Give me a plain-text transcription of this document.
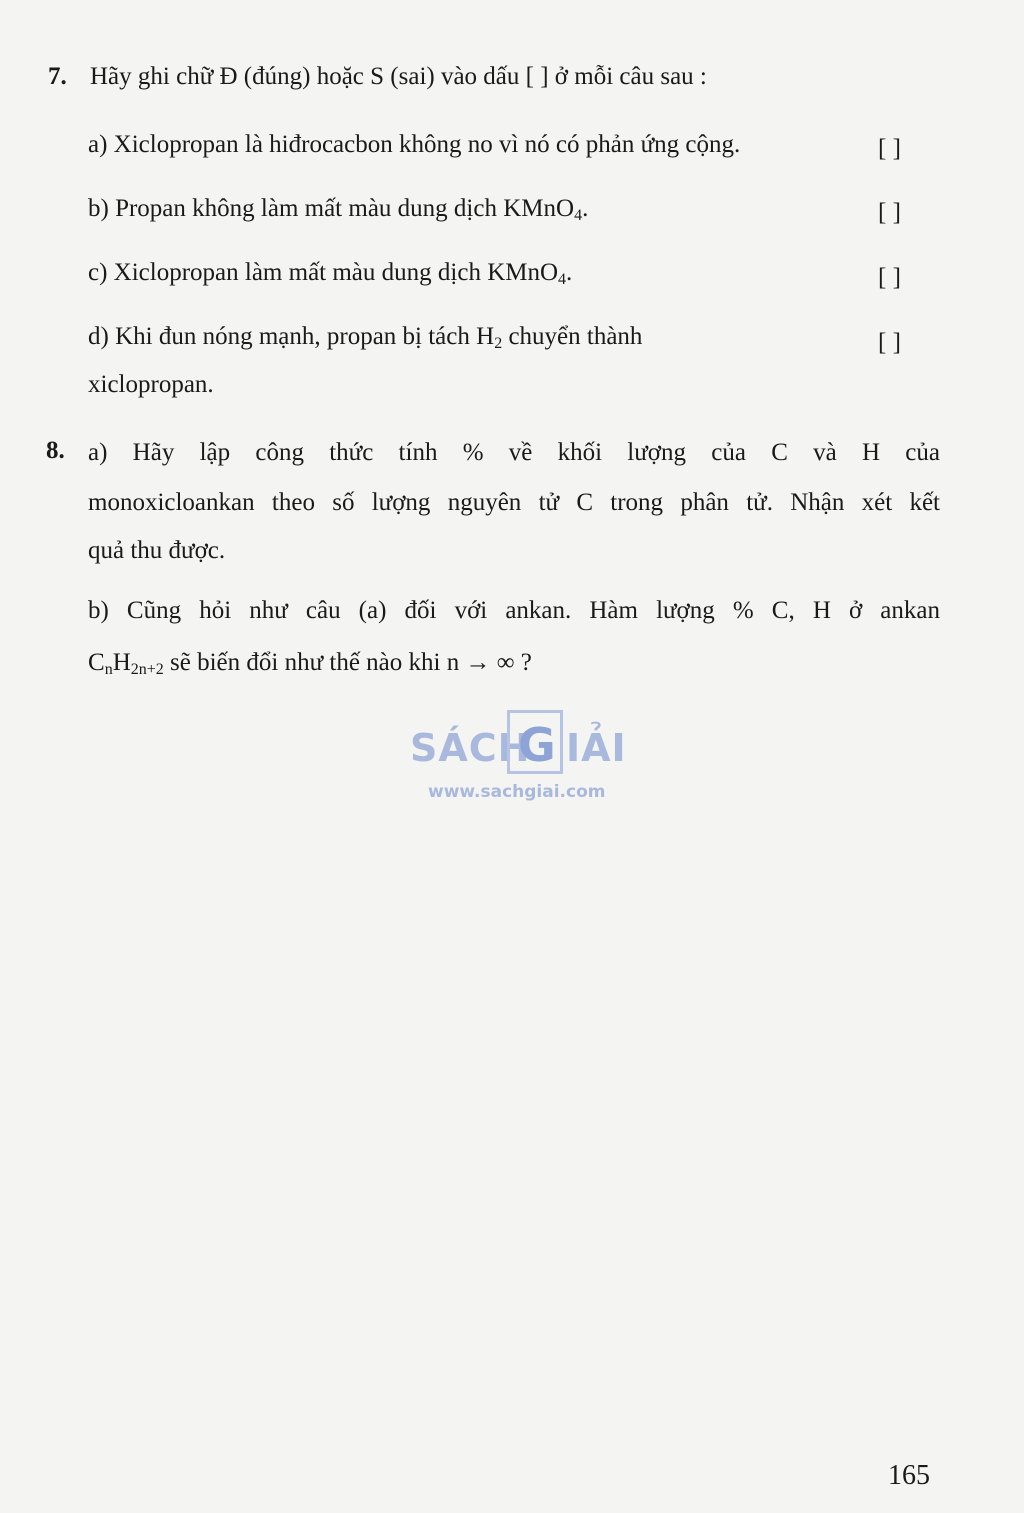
7. Hãy ghi chữ Đ (đúng) hoặc S (sai) vào dấu [ ] ở mỗi câu sau :
a) Xiclopropan là hiđrocacbon không no vì nó có phản ứng cộng.	[ ]
b) Propan không làm mất màu dung dịch KMnO$_4$.	[ ]
c) Xiclopropan làm mất màu dung dịch KMnO$_4$.	[ ]
d) Khi đun nóng mạnh, propan bị tách $H_2$ chuyển thành	[ ]
xiclopropan.
8. a) Hãy lập công thức tính % về khối lượng của C và H của
monoxicloankan theo số lượng nguyên tử C trong phân tử. Nhận xét kết
quả thu được.
b) Cũng hỏi như câu (a) đối với ankan. Hàm lượng % C, H ở ankan
$C_nH_{2n+2}$ sẽ biến đổi như thế nào khi n → ∞ ?
SÁCH
G IẢI
www.sachgiai.com
165
